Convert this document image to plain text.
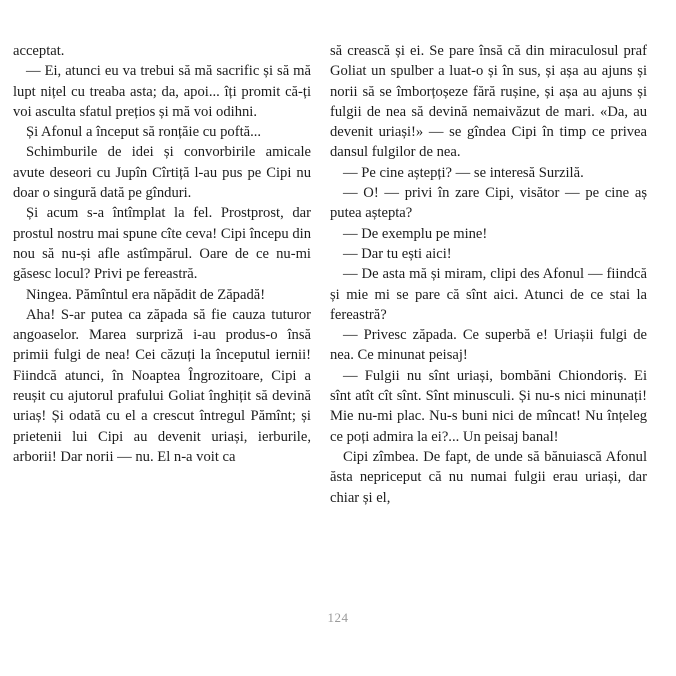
acceptat.

— Ei, atunci eu va trebui să mă sacrific și să mă lupt nițel cu treaba asta; da, apoi... îți promit că-ți voi asculta sfatul prețios și mă voi odihni.

Și Afonul a început să ronțăie cu poftă...

Schimburile de idei și convorbirile amicale avute deseori cu Jupîn Cîrtiță l-au pus pe Cipi nu doar o singură dată pe gînduri.

Și acum s-a întîmplat la fel. Prostprost, dar prostul nostru mai spune cîte ceva! Cipi începu din nou să nu-și afle astîmpărul. Oare de ce nu-mi găsesc locul? Privi pe fereastră.

Ningea. Pămîntul era năpădit de Zăpadă!

Aha! S-ar putea ca zăpada să fie cauza tuturor angoaselor. Marea surpriză i-au produs-o însă primii fulgi de nea! Cei căzuți la începutul iernii! Fiindcă atunci, în Noaptea Îngrozitoare, Cipi a reușit cu ajutorul prafului Goliat înghițit să devină uriaș! Și odată cu el a crescut întregul Pămînt; și prietenii lui Cipi au devenit uriași, ierburile, arborii! Dar norii — nu. El n-a voit ca

să crească și ei. Se pare însă că din miraculosul praf Goliat un spulber a luat-o și în sus, și așa au ajuns și norii să se îmborțoșeze fără rușine, și așa au ajuns și fulgii de nea să devină nemaivăzut de mari. «Da, au devenit uriași!» — se gîndea Cipi în timp ce privea dansul fulgilor de nea.

— Pe cine aștepți? — se interesă Surzilă.

— O! — privi în zare Cipi, visător — pe cine aș putea aștepta?

— De exemplu pe mine!

— Dar tu ești aici!

— De asta mă și miram, clipi des Afonul — fiindcă și mie mi se pare că sînt aici. Atunci de ce stai la fereastră?

— Privesc zăpada. Ce superbă e! Uriașii fulgi de nea. Ce minunat peisaj!

— Fulgii nu sînt uriași, bombăni Chiondoriș. Ei sînt atît cît sînt. Sînt minusculi. Și nu-s nici minunați! Mie nu-mi plac. Nu-s buni nici de mîncat! Nu înțeleg ce poți admira la ei?... Un peisaj banal!

Cipi zîmbea. De fapt, de unde să bănuiască Afonul ăsta nepriceput că nu numai fulgii erau uriași, dar chiar și el,

124
